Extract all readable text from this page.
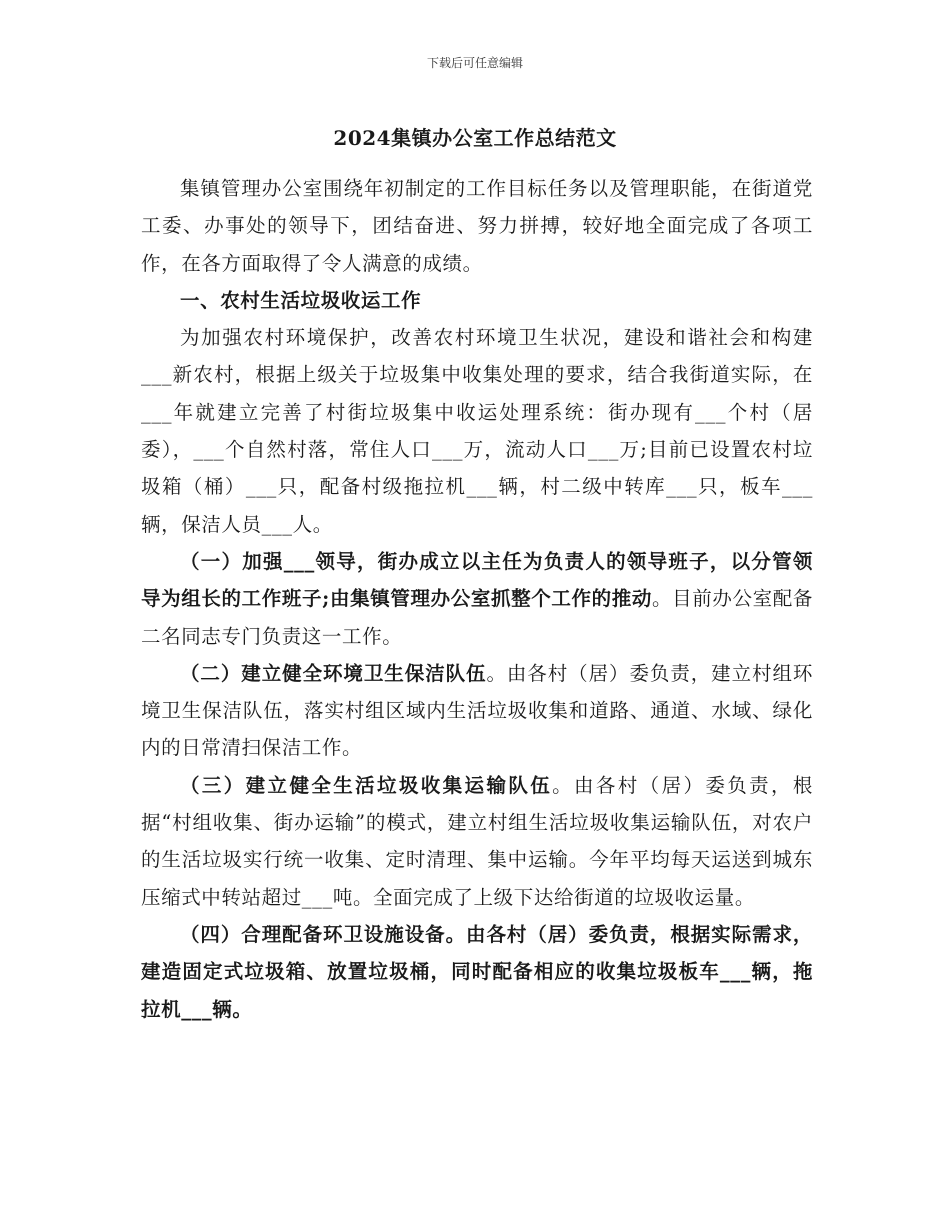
下载后可任意编辑
2024集镇办公室工作总结范文

集镇管理办公室围绕年初制定的工作目标任务以及管理职能，在街道党工委、办事处的领导下，团结奋进、努力拼搏，较好地全面完成了各项工作，在各方面取得了令人满意的成绩。

一、农村生活垃圾收运工作

为加强农村环境保护，改善农村环境卫生状况，建设和谐社会和构建___新农村，根据上级关于垃圾集中收集处理的要求，结合我街道实际，在___年就建立完善了村街垃圾集中收运处理系统：街办现有___个村（居委），___个自然村落，常住人口___万，流动人口___万;目前已设置农村垃圾箱（桶）___只，配备村级拖拉机___辆，村二级中转库___只，板车___辆，保洁人员___人。

（一）加强___领导，街办成立以主任为负责人的领导班子，以分管领导为组长的工作班子;由集镇管理办公室抓整个工作的推动。目前办公室配备二名同志专门负责这一工作。

（二）建立健全环境卫生保洁队伍。由各村（居）委负责，建立村组环境卫生保洁队伍，落实村组区域内生活垃圾收集和道路、通道、水域、绿化内的日常清扫保洁工作。

（三）建立健全生活垃圾收集运输队伍。由各村（居）委负责，根据“村组收集、街办运输”的模式，建立村组生活垃圾收集运输队伍，对农户的生活垃圾实行统一收集、定时清理、集中运输。今年平均每天运送到城东压缩式中转站超过___吨。全面完成了上级下达给街道的垃圾收运量。

（四）合理配备环卫设施设备。由各村（居）委负责，根据实际需求，建造固定式垃圾箱、放置垃圾桶，同时配备相应的收集垃圾板车___辆，拖拉机___辆。
